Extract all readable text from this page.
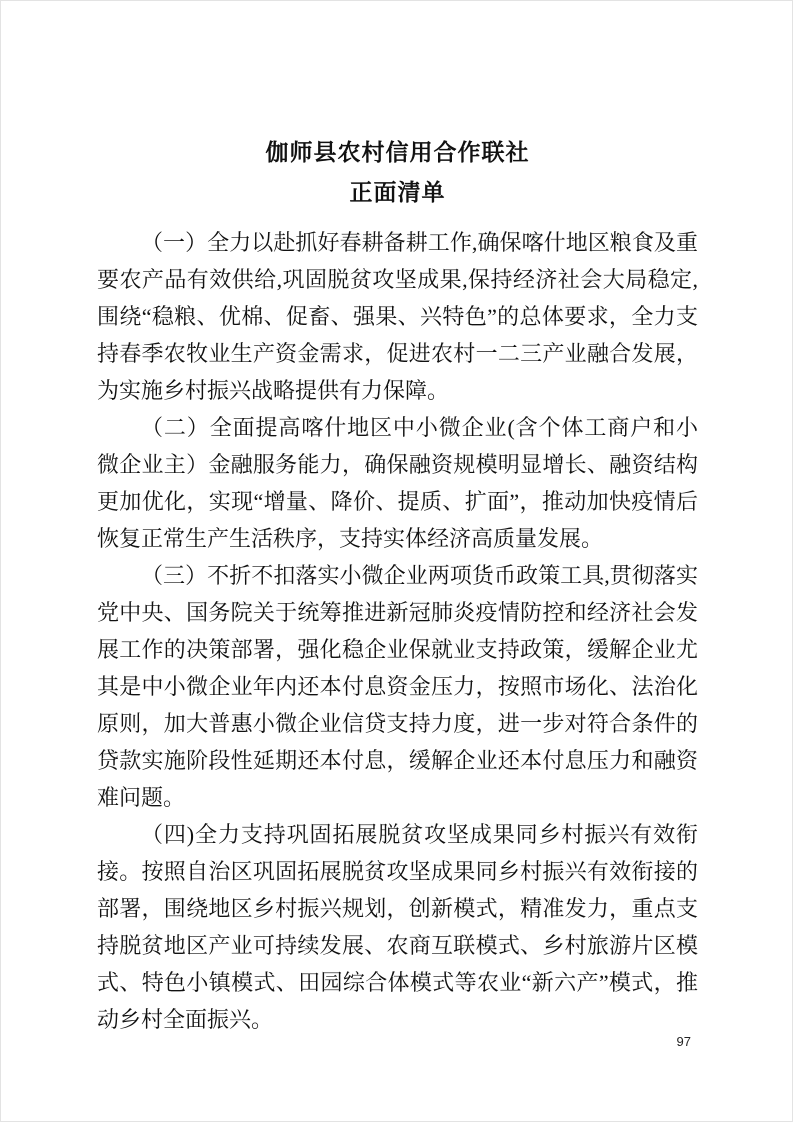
伽师县农村信用合作联社
正面清单

（一）全力以赴抓好春耕备耕工作,确保喀什地区粮食及重要农产品有效供给,巩固脱贫攻坚成果,保持经济社会大局稳定,围绕“稳粮、优棉、促畜、强果、兴特色”的总体要求，全力支持春季农牧业生产资金需求，促进农村一二三产业融合发展，为实施乡村振兴战略提供有力保障。

（二）全面提高喀什地区中小微企业(含个体工商户和小微企业主）金融服务能力，确保融资规模明显增长、融资结构更加优化，实现“增量、降价、提质、扩面”，推动加快疫情后恢复正常生产生活秩序，支持实体经济高质量发展。

（三）不折不扣落实小微企业两项货币政策工具,贯彻落实党中央、国务院关于统筹推进新冠肺炎疫情防控和经济社会发展工作的决策部署，强化稳企业保就业支持政策，缓解企业尤其是中小微企业年内还本付息资金压力，按照市场化、法治化原则，加大普惠小微企业信贷支持力度，进一步对符合条件的贷款实施阶段性延期还本付息，缓解企业还本付息压力和融资难问题。

（四)全力支持巩固拓展脱贫攻坚成果同乡村振兴有效衔接。按照自治区巩固拓展脱贫攻坚成果同乡村振兴有效衔接的部署，围绕地区乡村振兴规划，创新模式，精准发力，重点支持脱贫地区产业可持续发展、农商互联模式、乡村旅游片区模式、特色小镇模式、田园综合体模式等农业“新六产”模式，推动乡村全面振兴。

97
